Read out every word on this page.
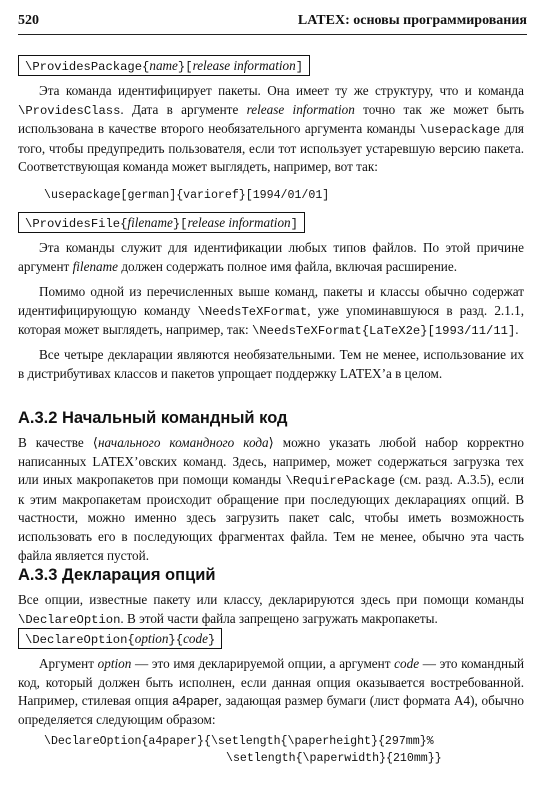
520	LATEX: основы программирования
\ProvidesPackage{name}[release information]

Эта команда идентифицирует пакеты. Она имеет ту же структуру, что и команда \ProvidesClass. Дата в аргументе release information точно так же может быть использована в качестве второго необязательного аргумента команды \usepackage для того, чтобы предупредить пользователя, если тот использует устаревшую версию пакета. Соответствующая команда может выглядеть, например, вот так:

\usepackage[german]{varioref}[1994/01/01]
\ProvidesFile{filename}[release information]

Эта команды служит для идентификации любых типов файлов. По этой причине аргумент filename должен содержать полное имя файла, включая расширение.

Помимо одной из перечисленных выше команд, пакеты и классы обычно содержат идентифицирующую команду \NeedsTeXFormat, уже упоминавшуюся в разд. 2.1.1, которая может выглядеть, например, так: \NeedsTeXFormat{LaTeX2e}[1993/11/11].

Все четыре декларации являются необязательными. Тем не менее, использование их в дистрибутивах классов и пакетов упрощает поддержку LATEX’а в целом.

A.3.2 Начальный командный код

В качестве ⟨начального командного кода⟩ можно указать любой набор корректно написанных LATEX’овских команд. Здесь, например, может содержаться загрузка тех или иных макропакетов при помощи команды \RequirePackage (см. разд. A.3.5), если к этим макропакетам происходит обращение при последующих декларациях опций. В частности, можно именно здесь загрузить пакет calc, чтобы иметь возможность использовать его в последующих фрагментах файла. Тем не менее, обычно эта часть файла является пустой.

A.3.3 Декларация опций

Все опции, известные пакету или классу, декларируются здесь при помощи команды \DeclareOption. В этой части файла запрещено загружать макропакеты.

\DeclareOption{option}{code}

Аргумент option — это имя декларируемой опции, а аргумент code — это командный код, который должен быть исполнен, если данная опция оказывается востребованной. Например, стилевая опция a4paper, задающая размер бумаги (лист формата A4), обычно определяется следующим образом:

\DeclareOption{a4paper}{\setlength{\paperheight}{297mm}%
\setlength{\paperwidth}{210mm}}
